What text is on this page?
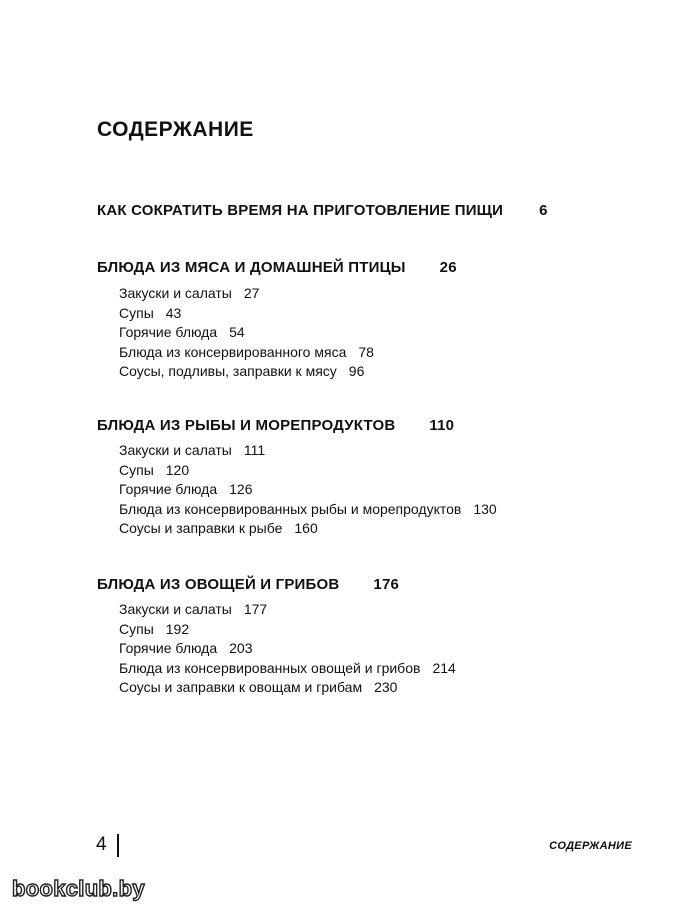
СОДЕРЖАНИЕ
КАК СОКРАТИТЬ ВРЕМЯ НА ПРИГОТОВЛЕНИЕ ПИЩИ 6
БЛЮДА ИЗ МЯСА И ДОМАШНЕЙ ПТИЦЫ 26
Закуски и салаты 27
Супы 43
Горячие блюда 54
Блюда из консервированного мяса 78
Соусы, подливы, заправки к мясу 96
БЛЮДА ИЗ РЫБЫ И МОРЕПРОДУКТОВ 110
Закуски и салаты 111
Супы 120
Горячие блюда 126
Блюда из консервированных рыбы и морепродуктов 130
Соусы и заправки к рыбе 160
БЛЮДА ИЗ ОВОЩЕЙ И ГРИБОВ 176
Закуски и салаты 177
Супы 192
Горячие блюда 203
Блюда из консервированных овощей и грибов 214
Соусы и заправки к овощам и грибам 230
4	СОДЕРЖАНИЕ
bookclub.by
